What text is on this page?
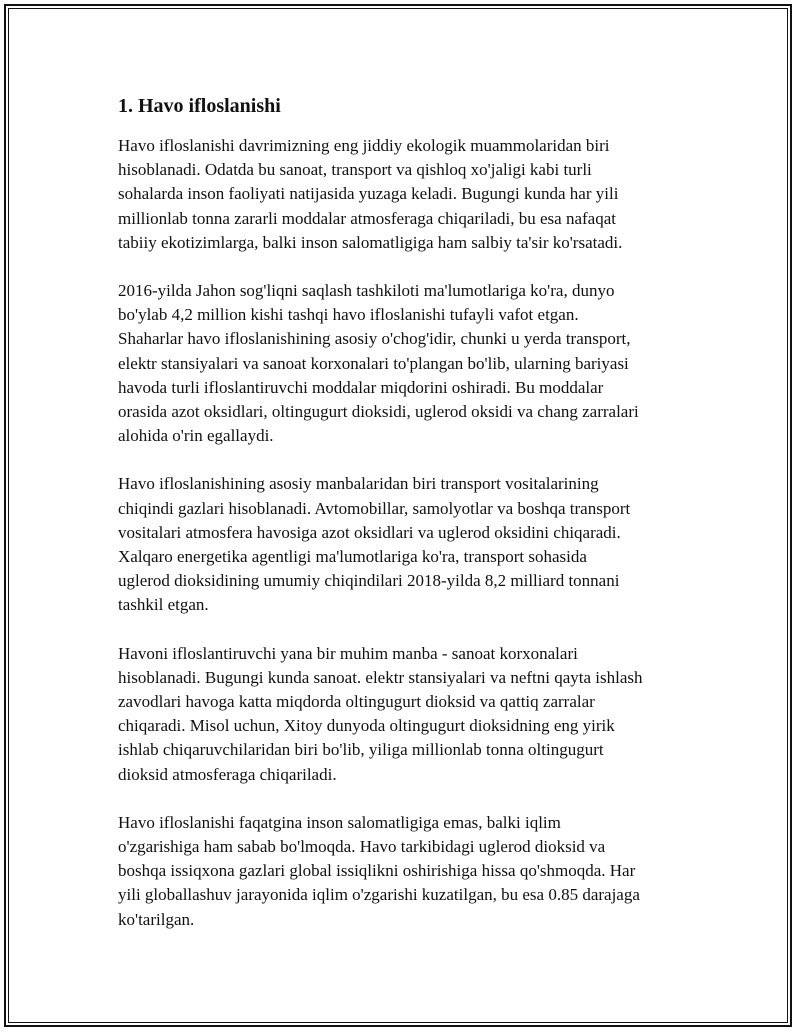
1. Havo ifloslanishi
Havo ifloslanishi davrimizning eng jiddiy ekologik muammolaridan biri
hisoblanadi. Odatda bu sanoat, transport va qishloq xo'jaligi kabi turli
sohalarda inson faoliyati natijasida yuzaga keladi. Bugungi kunda har yili
millionlab tonna zararli moddalar atmosferaga chiqariladi, bu esa nafaqat
tabiiy ekotizimlarga, balki inson salomatligiga ham salbiy ta'sir ko'rsatadi.
2016-yilda Jahon sog'liqni saqlash tashkiloti ma'lumotlariga ko'ra, dunyo
bo'ylab 4,2 million kishi tashqi havo ifloslanishi tufayli vafot etgan.
Shaharlar havo ifloslanishining asosiy o'chog'idir, chunki u yerda transport,
elektr stansiyalari va sanoat korxonalari to'plangan bo'lib, ularning bariyasi
havoda turli ifloslantiruvchi moddalar miqdorini oshiradi. Bu moddalar
orasida azot oksidlari, oltingugurt dioksidi, uglerod oksidi va chang zarralari
alohida o'rin egallaydi.
Havo ifloslanishining asosiy manbalaridan biri transport vositalarining
chiqindi gazlari hisoblanadi. Avtomobillar, samolyotlar va boshqa transport
vositalari atmosfera havosiga azot oksidlari va uglerod oksidini chiqaradi.
Xalqaro energetika agentligi ma'lumotlariga ko'ra, transport sohasida
uglerod dioksidining umumiy chiqindilari 2018-yilda 8,2 milliard tonnani
tashkil etgan.
Havoni ifloslantiruvchi yana bir muhim manba - sanoat korxonalari
hisoblanadi. Bugungi kunda sanoat. elektr stansiyalari va neftni qayta ishlash
zavodlari havoga katta miqdorda oltingugurt dioksid va qattiq zarralar
chiqaradi. Misol uchun, Xitoy dunyoda oltingugurt dioksidning eng yirik
ishlab chiqaruvchilaridan biri bo'lib, yiliga millionlab tonna oltingugurt
dioksid atmosferaga chiqariladi.
Havo ifloslanishi faqatgina inson salomatligiga emas, balki iqlim
o'zgarishiga ham sabab bo'lmoqda. Havo tarkibidagi uglerod dioksid va
boshqa issiqxona gazlari global issiqlikni oshirishiga hissa qo'shmoqda. Har
yili globallashuv jarayonida iqlim o'zgarishi kuzatilgan, bu esa 0.85 darajaga
ko'tarilgan.
